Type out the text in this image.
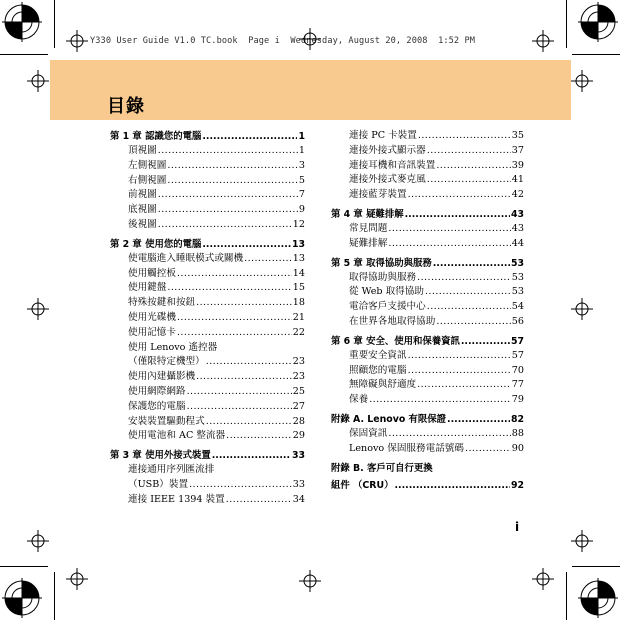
Y330 User Guide V1.0 TC.book  Page i  Wednesday, August 20, 2008  1:52 PM
目錄
第 1 章 認識您的電腦 .....	1
頂視圖 .....	1
左側視圖 .....	3
右側視圖 .....	5
前視圖 .....	7
底視圖 .....	9
後視圖 .....	12
第 2 章 使用您的電腦 .....	13
使電腦進入睡眠模式或關機 .....	13
使用觸控板 .....	14
使用鍵盤 .....	15
特殊按鍵和按鈕 .....	18
使用光碟機 .....	21
使用記憶卡 .....	22
使用 Lenovo 遙控器
（僅限特定機型） .....	23
使用內建攝影機 .....	23
使用網際網路 .....	25
保護您的電腦 .....	27
安裝裝置驅動程式 .....	28
使用電池和 AC 整流器 .....	29
第 3 章 使用外接式裝置 .....	33
連接通用序列匯流排
（USB）裝置 .....	33
連接 IEEE 1394 裝置 .....	34
連接 PC 卡裝置 .....	35
連接外接式顯示器 .....	37
連接耳機和音訊裝置 .....	39
連接外接式麥克風 .....	41
連接藍芽裝置 .....	42
第 4 章 疑難排解 .....	43
常見問題 .....	43
疑難排解 .....	44
第 5 章 取得協助與服務 .....	53
取得協助與服務 .....	53
從 Web 取得協助 .....	53
電洽客戶支援中心 .....	54
在世界各地取得協助 .....	56
第 6 章 安全、使用和保養資訊 .....	57
重要安全資訊 .....	57
照顧您的電腦 .....	70
無障礙與舒適度 .....	77
保養 .....	79
附錄 A. Lenovo 有限保證 .....	82
保固資訊 .....	88
Lenovo 保固服務電話號碼 .....	90
附錄 B. 客戶可自行更換
組件 （CRU） .....	92
i
